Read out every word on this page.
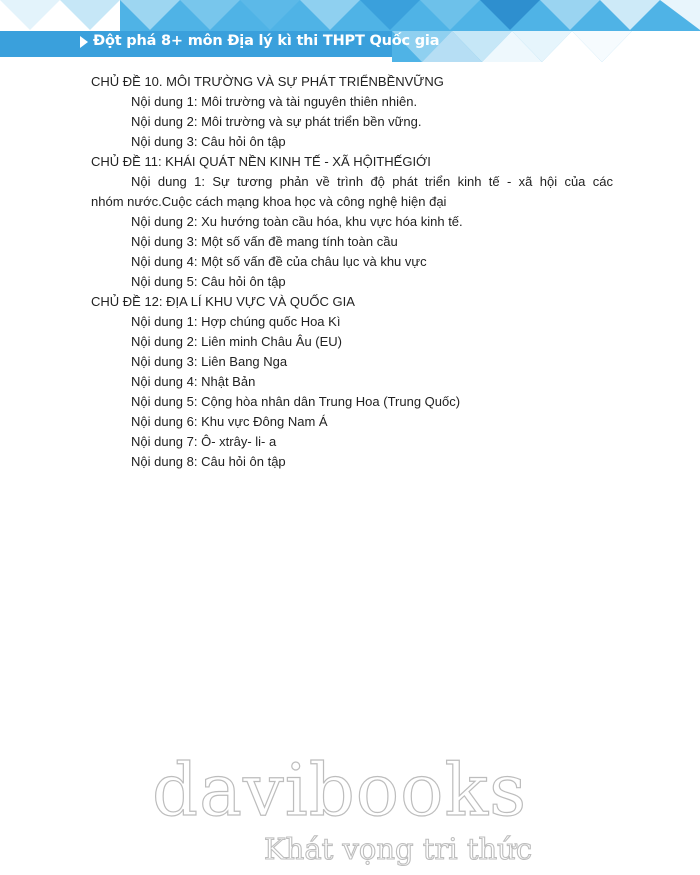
Đột phá 8+ môn Địa lý kì thi THPT Quốc gia
CHỦ ĐỀ 10. MÔI TRƯỜNG VÀ SỰ PHÁT TRIỂNBỀNVỮNG
Nội dung 1: Môi trường và tài nguyên thiên nhiên.
Nội dung 2: Môi trường và sự phát triển bền vững.
Nội dung 3: Câu hỏi ôn tập
CHỦ ĐỀ 11: KHÁI QUÁT NỀN KINH TẾ - XÃ HỘITHẾGIỚI
Nội dung 1: Sự tương phản về trình độ phát triển kinh tế - xã hội của các
nhóm nước.Cuộc cách mạng khoa học và công nghệ hiện đại
Nội dung 2: Xu hướng toàn cầu hóa, khu vực hóa kinh tế.
Nội dung 3: Một số vấn đề mang tính toàn cầu
Nội dung 4: Một số vấn đề của châu lục và khu vực
Nội dung 5: Câu hỏi ôn tập
CHỦ ĐỀ 12: ĐỊA LÍ KHU VỰC VÀ QUỐC GIA
Nội dung 1: Hợp chúng quốc Hoa Kì
Nội dung 2: Liên minh Châu Âu (EU)
Nội dung 3: Liên Bang Nga
Nội dung 4: Nhật Bản
Nội dung 5: Cộng hòa nhân dân Trung Hoa (Trung Quốc)
Nội dung 6: Khu vực Đông Nam Á
Nội dung 7: Ô- xtrây- li- a
Nội dung 8: Câu hỏi ôn tập
davibooks
Khát vọng tri thức
